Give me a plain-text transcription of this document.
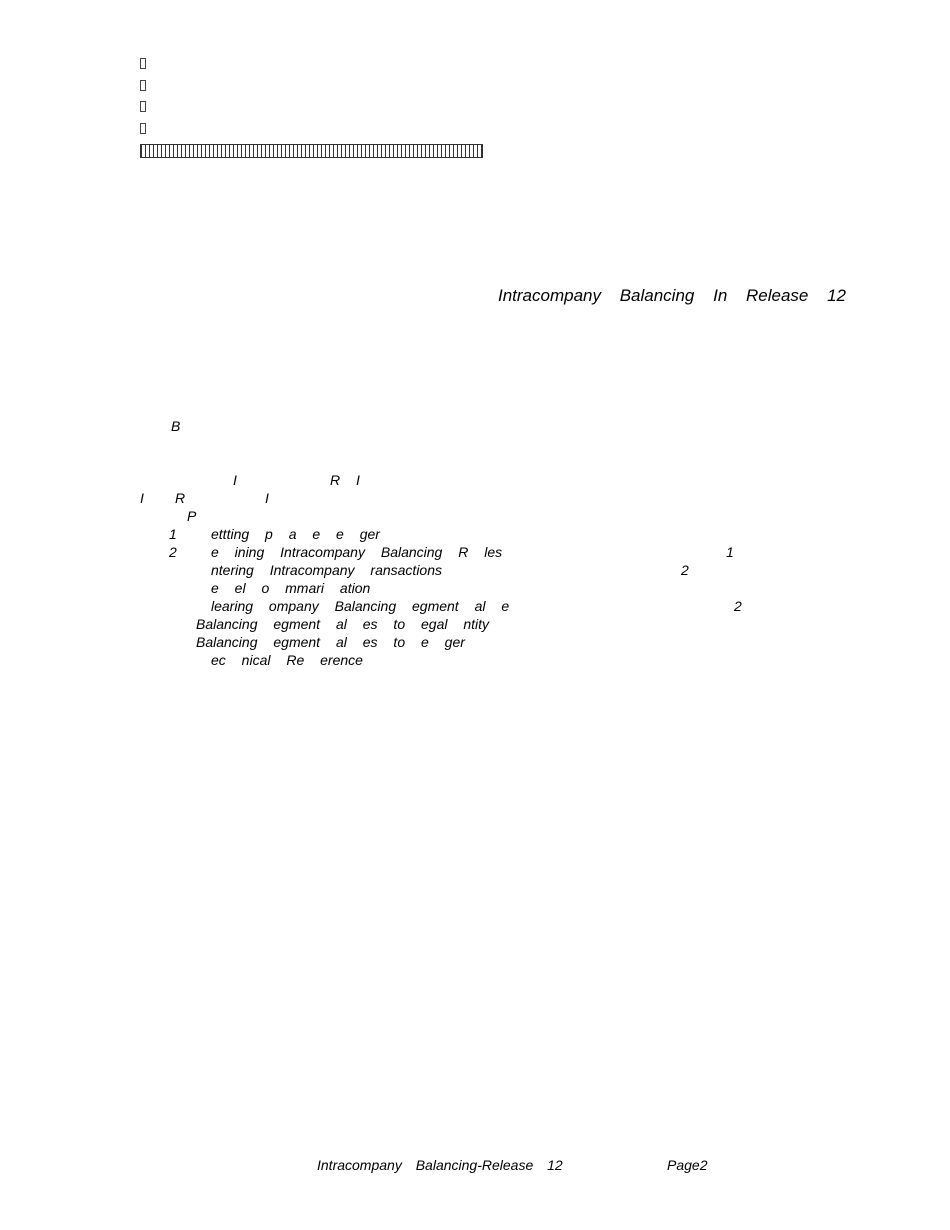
Intracompany Balancing In Release 12
B
I	R I
I R	I
P
1 ettting p a e e ger
2 e ining Intracompany Balancing R les	1
ntering Intracompany ransactions	2
e el o mmari ation
learing ompany Balancing egment al e	2
Balancing egment al es to egal ntity
Balancing egment al es to e ger
ec nical Re erence
Intracompany Balancing-Release 12	Page2
